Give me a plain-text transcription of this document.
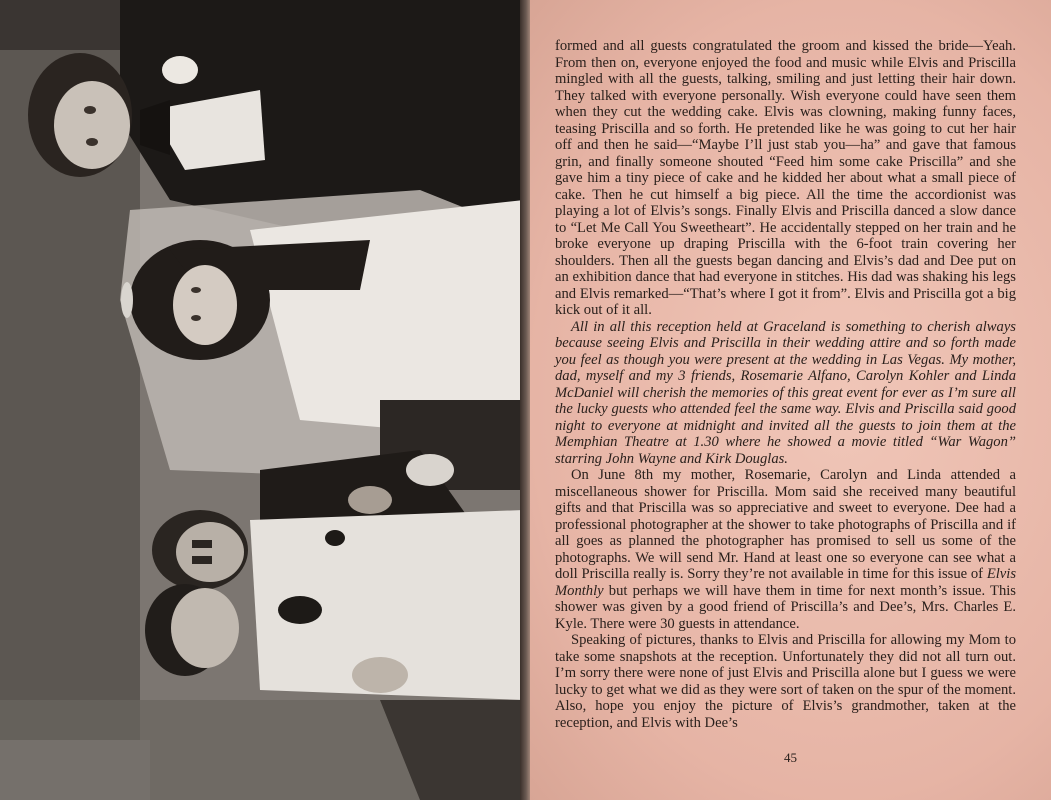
formed and all guests congratulated the groom and kissed the bride—Yeah. From then on, everyone enjoyed the food and music while Elvis and Priscilla mingled with all the guests, talking, smiling and just letting their hair down. They talked with everyone personally. Wish everyone could have seen them when they cut the wedding cake. Elvis was clowning, making funny faces, teasing Priscilla and so forth. He pretended like he was going to cut her hair off and then he said—“Maybe I’ll just stab you—ha” and gave that famous grin, and finally someone shouted “Feed him some cake Priscilla” and she gave him a tiny piece of cake and he kidded her about what a small piece of cake. Then he cut himself a big piece. All the time the accordionist was playing a lot of Elvis’s songs. Finally Elvis and Priscilla danced a slow dance to “Let Me Call You Sweetheart”. He accidentally stepped on her train and he broke everyone up draping Priscilla with the 6-foot train covering her shoulders. Then all the guests began dancing and Elvis’s dad and Dee put on an exhibition dance that had everyone in stitches. His dad was shaking his legs and Elvis remarked—“That’s where I got it from”. Elvis and Priscilla got a big kick out of it all.

All in all this reception held at Graceland is something to cherish always because seeing Elvis and Priscilla in their wedding attire and so forth made you feel as though you were present at the wedding in Las Vegas. My mother, dad, myself and my 3 friends, Rosemarie Alfano, Carolyn Kohler and Linda McDaniel will cherish the memories of this great event for ever as I’m sure all the lucky guests who attended feel the same way. Elvis and Priscilla said good night to everyone at midnight and invited all the guests to join them at the Memphian Theatre at 1.30 where he showed a movie titled “War Wagon” starring John Wayne and Kirk Douglas.

On June 8th my mother, Rosemarie, Carolyn and Linda attended a miscellaneous shower for Priscilla. Mom said she received many beautiful gifts and that Priscilla was so appreciative and sweet to everyone. Dee had a professional photographer at the shower to take photographs of Priscilla and if all goes as planned the photographer has promised to sell us some of the photographs. We will send Mr. Hand at least one so everyone can see what a doll Priscilla really is. Sorry they’re not available in time for this issue of Elvis Monthly but perhaps we will have them in time for next month’s issue. This shower was given by a good friend of Priscilla’s and Dee’s, Mrs. Charles E. Kyle. There were 30 guests in attendance.

Speaking of pictures, thanks to Elvis and Priscilla for allowing my Mom to take some snapshots at the reception. Unfortunately they did not all turn out. I’m sorry there were none of just Elvis and Priscilla alone but I guess we were lucky to get what we did as they were sort of taken on the spur of the moment. Also, hope you enjoy the picture of Elvis’s grandmother, taken at the reception, and Elvis with Dee’s

45
